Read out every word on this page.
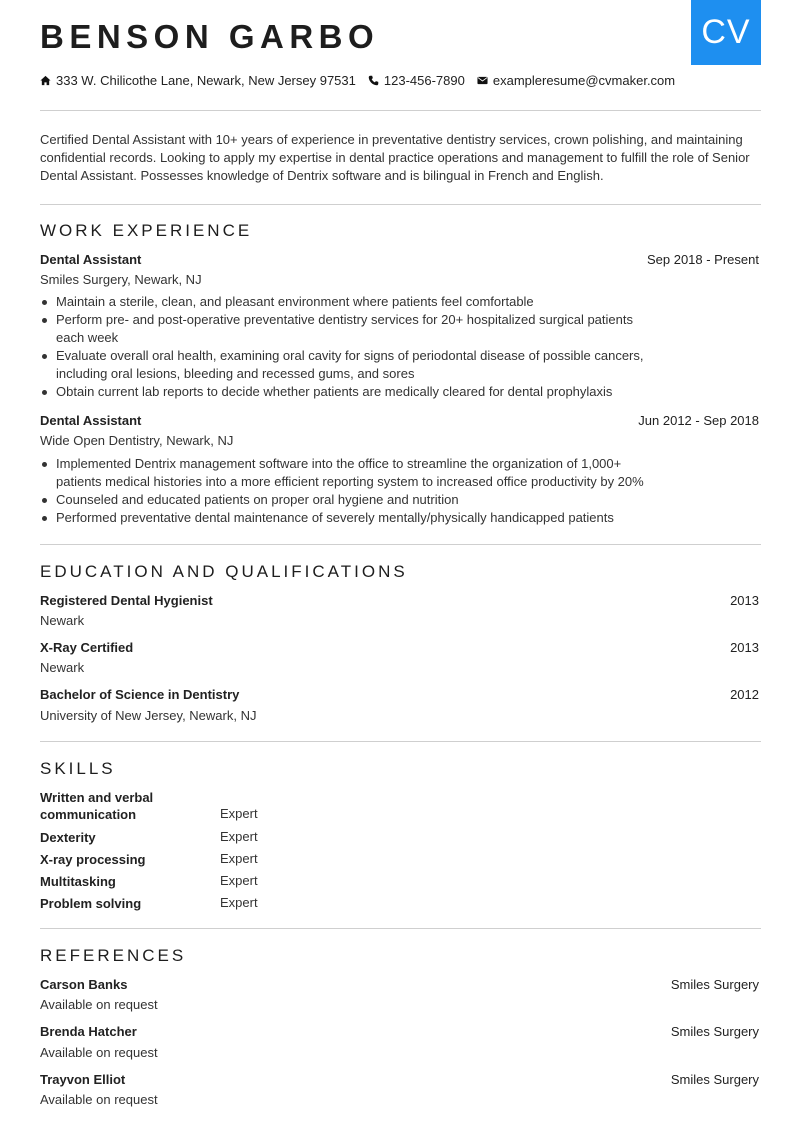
CV
BENSON GARBO
333 W. Chilicothe Lane, Newark, New Jersey 97531 123-456-7890 exampleresume@cvmaker.com

Certified Dental Assistant with 10+ years of experience in preventative dentistry services, crown polishing, and maintaining confidential records. Looking to apply my expertise in dental practice operations and management to fulfill the role of Senior Dental Assistant. Possesses knowledge of Dentrix software and is bilingual in French and English.

WORK EXPERIENCE
Dental Assistant	Sep 2018 - Present
Smiles Surgery, Newark, NJ
Maintain a sterile, clean, and pleasant environment where patients feel comfortable
Perform pre- and post-operative preventative dentistry services for 20+ hospitalized surgical patients each week
Evaluate overall oral health, examining oral cavity for signs of periodontal disease of possible cancers, including oral lesions, bleeding and recessed gums, and sores
Obtain current lab reports to decide whether patients are medically cleared for dental prophylaxis
Dental Assistant	Jun 2012 - Sep 2018
Wide Open Dentistry, Newark, NJ
Implemented Dentrix management software into the office to streamline the organization of 1,000+ patients medical histories into a more efficient reporting system to increased office productivity by 20%
Counseled and educated patients on proper oral hygiene and nutrition
Performed preventative dental maintenance of severely mentally/physically handicapped patients
EDUCATION AND QUALIFICATIONS
Registered Dental Hygienist	2013
Newark
X-Ray Certified	2013
Newark
Bachelor of Science in Dentistry	2012
University of New Jersey, Newark, NJ
SKILLS
Written and verbal communication	Expert
Dexterity	Expert
X-ray processing	Expert
Multitasking	Expert
Problem solving	Expert
REFERENCES
Carson Banks	Smiles Surgery
Available on request
Brenda Hatcher	Smiles Surgery
Available on request
Trayvon Elliot	Smiles Surgery
Available on request
